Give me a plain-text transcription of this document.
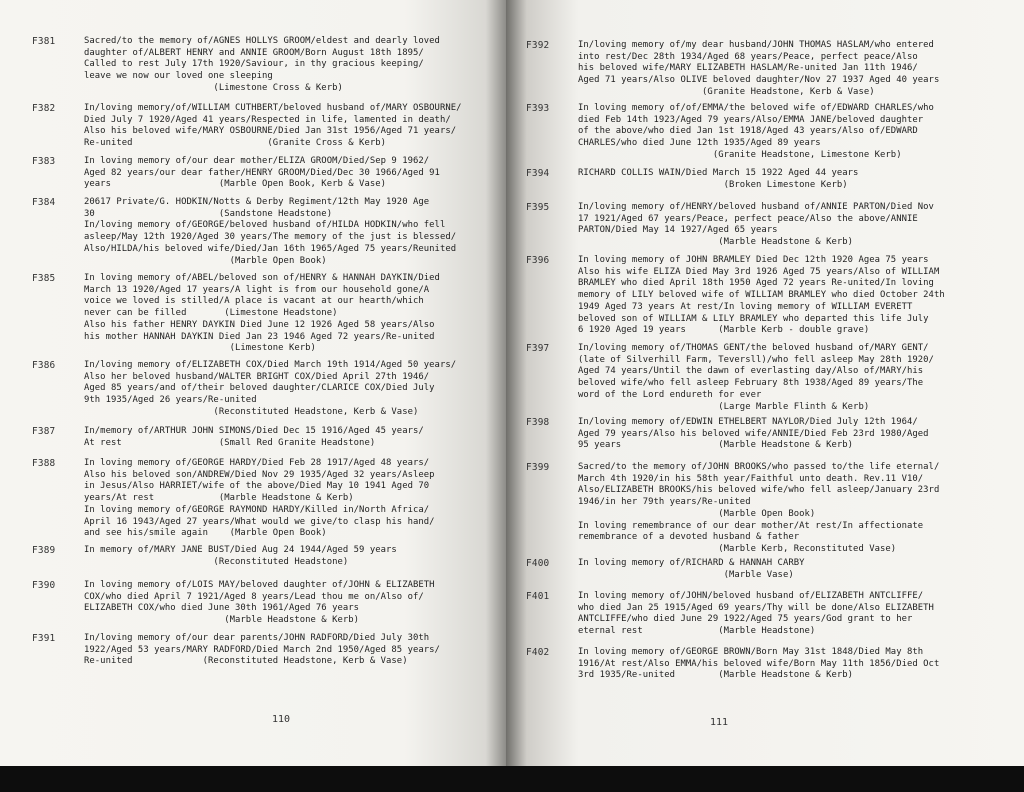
F381	Sacred/to the memory of/AGNES HOLLYS GROOM/eldest and dearly loved
daughter of/ALBERT HENRY and ANNIE GROOM/Born August 18th 1895/
Called to rest July 17th 1920/Saviour, in thy gracious keeping/
leave we now our loved one sleeping
(Limestone Cross & Kerb)
F382	In/loving memory/of/WILLIAM CUTHBERT/beloved husband of/MARY OSBOURNE/
Died July 7 1920/Aged 41 years/Respected in life, lamented in death/
Also his beloved wife/MARY OSBOURNE/Died Jan 31st 1956/Aged 71 years/
Re-united                         (Granite Cross & Kerb)
F383	In loving memory of/our dear mother/ELIZA GROOM/Died/Sep 9 1962/
Aged 82 years/our dear father/HENRY GROOM/Died/Dec 30 1966/Aged 91
years                    (Marble Open Book, Kerb & Vase)
F384	20617 Private/G. HODKIN/Notts & Derby Regiment/12th May 1920 Age
30                       (Sandstone Headstone)
In/loving memory of/GEORGE/beloved husband of/HILDA HODKIN/who fell
asleep/May 12th 1920/Aged 30 years/The memory of the just is blessed/
Also/HILDA/his beloved wife/Died/Jan 16th 1965/Aged 75 years/Reunited
(Marble Open Book)
F385	In loving memory of/ABEL/beloved son of/HENRY & HANNAH DAYKIN/Died
March 13 1920/Aged 17 years/A light is from our household gone/A
voice we loved is stilled/A place is vacant at our hearth/which
never can be filled       (Limestone Headstone)
Also his father HENRY DAYKIN Died June 12 1926 Aged 58 years/Also
his mother HANNAH DAYKIN Died Jan 23 1946 Aged 72 years/Re-united
(Limestone Kerb)
F386	In/loving memory of/ELIZABETH COX/Died March 19th 1914/Aged 50 years/
Also her beloved husband/WALTER BRIGHT COX/Died April 27th 1946/
Aged 85 years/and of/their beloved daughter/CLARICE COX/Died July
9th 1935/Aged 26 years/Re-united
(Reconstituted Headstone, Kerb & Vase)
F387	In/memory of/ARTHUR JOHN SIMONS/Died Dec 15 1916/Aged 45 years/
At rest                  (Small Red Granite Headstone)
F388	In loving memory of/GEORGE HARDY/Died Feb 28 1917/Aged 48 years/
Also his beloved son/ANDREW/Died Nov 29 1935/Aged 32 years/Asleep
in Jesus/Also HARRIET/wife of the above/Died May 10 1941 Aged 70
years/At rest            (Marble Headstone & Kerb)
In loving memory of/GEORGE RAYMOND HARDY/Killed in/North Africa/
April 16 1943/Aged 27 years/What would we give/to clasp his hand/
and see his/smile again    (Marble Open Book)
F389	In memory of/MARY JANE BUST/Died Aug 24 1944/Aged 59 years
(Reconstituted Headstone)
F390	In loving memory of/LOIS MAY/beloved daughter of/JOHN & ELIZABETH
COX/who died April 7 1921/Aged 8 years/Lead thou me on/Also of/
ELIZABETH COX/who died June 30th 1961/Aged 76 years
(Marble Headstone & Kerb)
F391	In/loving memory of/our dear parents/JOHN RADFORD/Died July 30th
1922/Aged 53 years/MARY RADFORD/Died March 2nd 1950/Aged 85 years/
Re-united             (Reconstituted Headstone, Kerb & Vase)
110
F392	In/loving memory of/my dear husband/JOHN THOMAS HASLAM/who entered
into rest/Dec 28th 1934/Aged 68 years/Peace, perfect peace/Also
his beloved wife/MARY ELIZABETH HASLAM/Re-united Jan 11th 1946/
Aged 71 years/Also OLIVE beloved daughter/Nov 27 1937 Aged 40 years
(Granite Headstone, Kerb & Vase)
F393	In loving memory of/of/EMMA/the beloved wife of/EDWARD CHARLES/who
died Feb 14th 1923/Aged 79 years/Also/EMMA JANE/beloved daughter
of the above/who died Jan 1st 1918/Aged 43 years/Also of/EDWARD
CHARLES/who died June 12th 1935/Aged 89 years
(Granite Headstone, Limestone Kerb)
F394	RICHARD COLLIS WAIN/Died March 15 1922 Aged 44 years
(Broken Limestone Kerb)
F395	In/loving memory of/HENRY/beloved husband of/ANNIE PARTON/Died Nov
17 1921/Aged 67 years/Peace, perfect peace/Also the above/ANNIE
PARTON/Died May 14 1927/Aged 65 years
(Marble Headstone & Kerb)
F396	In loving memory of JOHN BRAMLEY Died Dec 12th 1920 Agea 75 years
Also his wife ELIZA Died May 3rd 1926 Aged 75 years/Also of WILLIAM
BRAMLEY who died April 18th 1950 Aged 72 years Re-united/In loving
memory of LILY beloved wife of WILLIAM BRAMLEY who died October 24th
1949 Aged 73 years At rest/In loving memory of WILLIAM EVERETT
beloved son of WILLIAM & LILY BRAMLEY who departed this life July
6 1920 Aged 19 years      (Marble Kerb - double grave)
F397	In/loving memory of/THOMAS GENT/the beloved husband of/MARY GENT/
(late of Silverhill Farm, Teversll)/who fell asleep May 28th 1920/
Aged 74 years/Until the dawn of everlasting day/Also of/MARY/his
beloved wife/who fell asleep February 8th 1938/Aged 89 years/The
word of the Lord endureth for ever
(Large Marble Flinth & Kerb)
F398	In/loving memory of/EDWIN ETHELBERT NAYLOR/Died July 12th 1964/
Aged 79 years/Also his beloved wife/ANNIE/Died Feb 23rd 1980/Aged
95 years                  (Marble Headstone & Kerb)
F399	Sacred/to the memory of/JOHN BROOKS/who passed to/the life eternal/
March 4th 1920/in his 58th year/Faithful unto death. Rev.11 V10/
Also/ELIZABETH BROOKS/his beloved wife/who fell asleep/January 23rd
1946/in her 79th years/Re-united
(Marble Open Book)
In loving remembrance of our dear mother/At rest/In affectionate
remembrance of a devoted husband & father
(Marble Kerb, Reconstituted Vase)
F400	In loving memory of/RICHARD & HANNAH CARBY
(Marble Vase)
F401	In loving memory of/JOHN/beloved husband of/ELIZABETH ANTCLIFFE/
who died Jan 25 1915/Aged 69 years/Thy will be done/Also ELIZABETH
ANTCLIFFE/who died June 29 1922/Aged 75 years/God grant to her
eternal rest              (Marble Headstone)
F402	In loving memory of/GEORGE BROWN/Born May 31st 1848/Died May 8th
1916/At rest/Also EMMA/his beloved wife/Born May 11th 1856/Died Oct
3rd 1935/Re-united        (Marble Headstone & Kerb)
111
